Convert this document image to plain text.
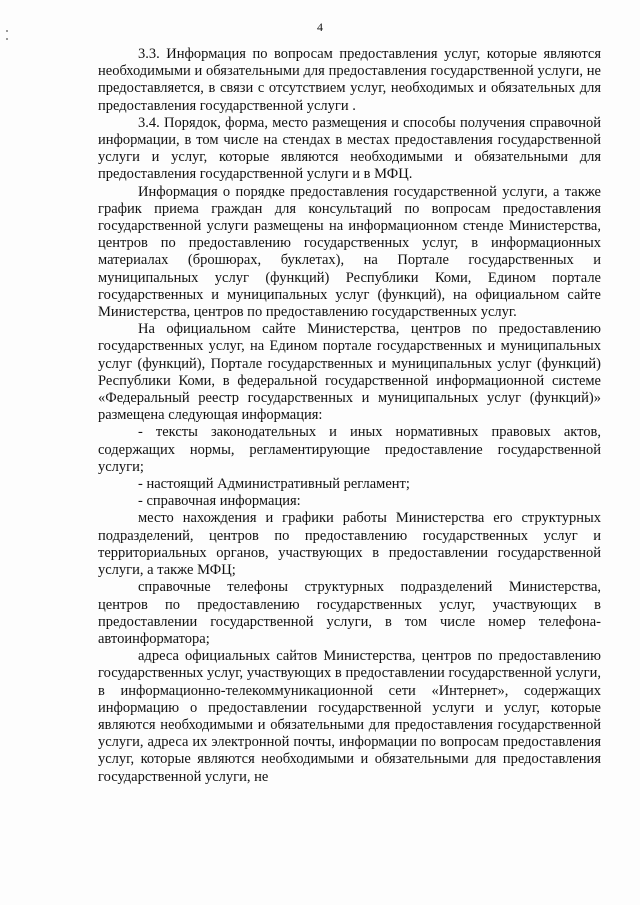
4

3.3. Информация по вопросам предоставления услуг, которые являются необходимыми и обязательными для предоставления государственной услуги, не предоставляется, в связи с отсутствием услуг, необходимых и обязательных для предоставления государственной услуги .

3.4. Порядок, форма, место размещения и способы получения справочной информации, в том числе на стендах в местах предоставления государственной услуги и услуг, которые являются необходимыми и обязательными для предоставления государственной услуги и в МФЦ.

Информация о порядке предоставления государственной услуги, а также график приема граждан для консультаций по вопросам предоставления государственной услуги размещены на информационном стенде Министерства, центров по предоставлению государственных услуг, в информационных материалах (брошюрах, буклетах), на Портале государственных и муниципальных услуг (функций) Республики Коми, Едином портале государственных и муниципальных услуг (функций), на официальном сайте Министерства, центров по предоставлению государственных услуг.

На официальном сайте Министерства, центров по предоставлению государственных услуг, на Едином портале государственных и муниципальных услуг (функций), Портале государственных и муниципальных услуг (функций) Республики Коми, в федеральной государственной информационной системе «Федеральный реестр государственных и муниципальных услуг (функций)» размещена следующая информация:

- тексты законодательных и иных нормативных правовых актов, содержащих нормы, регламентирующие предоставление государственной услуги;

- настоящий Административный регламент;

- справочная информация:

место нахождения и графики работы Министерства его структурных подразделений, центров по предоставлению государственных услуг и территориальных органов, участвующих в предоставлении государственной услуги, а также МФЦ;

справочные телефоны структурных подразделений Министерства, центров по предоставлению государственных услуг, участвующих в предоставлении государственной услуги, в том числе номер телефона-автоинформатора;

адреса официальных сайтов Министерства, центров по предоставлению государственных услуг, участвующих в предоставлении государственной услуги, в информационно-телекоммуникационной сети «Интернет», содержащих информацию о предоставлении государственной услуги и услуг, которые являются необходимыми и обязательными для предоставления государственной услуги, адреса их электронной почты, информации по вопросам предоставления услуг, которые являются необходимыми и обязательными для предоставления государственной услуги, не
